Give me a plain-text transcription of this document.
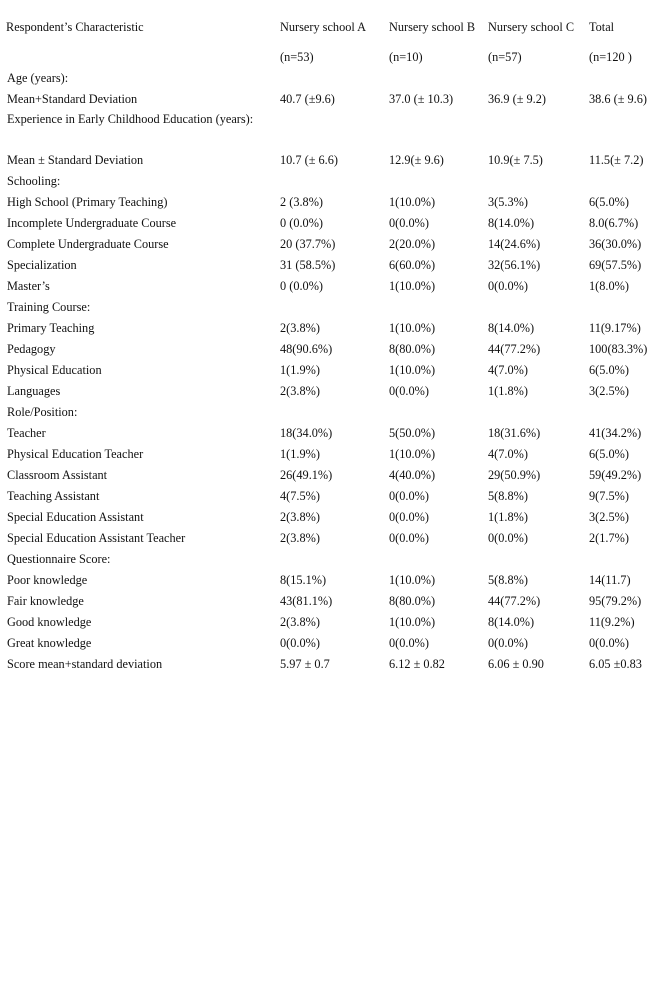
Respondent’s Characteristic	Nursery school A	Nursery school B	Nursery school C	Total
	(n=53)	(n=10)	(n=57)	(n=120 )
Age (years):				
Mean+Standard Deviation	40.7 (±9.6)	37.0 (± 10.3)	36.9 (± 9.2)	38.6 (± 9.6)
Experience in Early Childhood Education (years):				
Mean ± Standard Deviation	10.7 (± 6.6)	12.9(± 9.6)	10.9(± 7.5)	11.5(± 7.2)
Schooling:				
High School (Primary Teaching)	2 (3.8%)	1(10.0%)	3(5.3%)	6(5.0%)
Incomplete Undergraduate Course	0 (0.0%)	0(0.0%)	8(14.0%)	8.0(6.7%)
Complete Undergraduate Course	20 (37.7%)	2(20.0%)	14(24.6%)	36(30.0%)
Specialization	31 (58.5%)	6(60.0%)	32(56.1%)	69(57.5%)
Master’s	0 (0.0%)	1(10.0%)	0(0.0%)	1(8.0%)
Training Course:				
Primary Teaching	2(3.8%)	1(10.0%)	8(14.0%)	11(9.17%)
Pedagogy	48(90.6%)	8(80.0%)	44(77.2%)	100(83.3%)
Physical Education	1(1.9%)	1(10.0%)	4(7.0%)	6(5.0%)
Languages	2(3.8%)	0(0.0%)	1(1.8%)	3(2.5%)
Role/Position:				
Teacher	18(34.0%)	5(50.0%)	18(31.6%)	41(34.2%)
Physical Education Teacher	1(1.9%)	1(10.0%)	4(7.0%)	6(5.0%)
Classroom Assistant	26(49.1%)	4(40.0%)	29(50.9%)	59(49.2%)
Teaching Assistant	4(7.5%)	0(0.0%)	5(8.8%)	9(7.5%)
Special Education Assistant	2(3.8%)	0(0.0%)	1(1.8%)	3(2.5%)
Special Education Assistant Teacher	2(3.8%)	0(0.0%)	0(0.0%)	2(1.7%)
Questionnaire Score:				
Poor knowledge	8(15.1%)	1(10.0%)	5(8.8%)	14(11.7)
Fair knowledge	43(81.1%)	8(80.0%)	44(77.2%)	95(79.2%)
Good knowledge	2(3.8%)	1(10.0%)	8(14.0%)	11(9.2%)
Great knowledge	0(0.0%)	0(0.0%)	0(0.0%)	0(0.0%)
Score mean+standard deviation	5.97 ± 0.7	6.12 ± 0.82	6.06 ± 0.90	6.05 ±0.83
